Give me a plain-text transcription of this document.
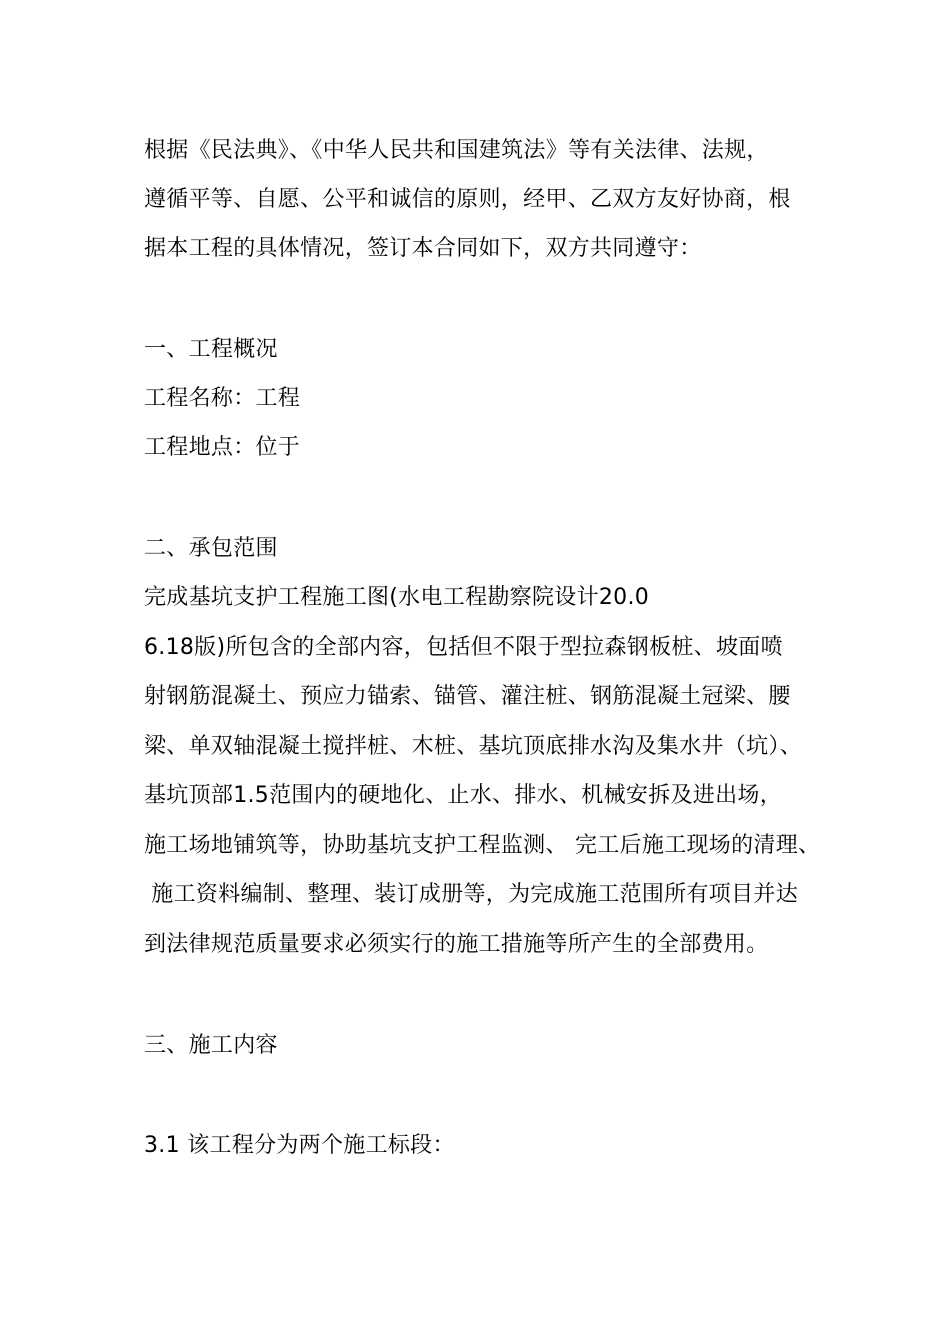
根据《民法典》、《中华人民共和国建筑法》等有关法律、法规，
遵循平等、自愿、公平和诚信的原则，经甲、乙双方友好协商，根
据本工程的具体情况，签订本合同如下，双方共同遵守：
一、工程概况
工程名称：工程
工程地点：位于
二、承包范围
完成基坑支护工程施工图(水电工程勘察院设计20.0
6.18版)所包含的全部内容，包括但不限于型拉森钢板桩、坡面喷
射钢筋混凝土、预应力锚索、锚管、灌注桩、钢筋混凝土冠梁、腰
梁、单双轴混凝土搅拌桩、木桩、基坑顶底排水沟及集水井（坑）、
基坑顶部1.5范围内的硬地化、止水、排水、机械安拆及进出场，
施工场地铺筑等，协助基坑支护工程监测、 完工后施工现场的清理、
施工资料编制、整理、装订成册等，为完成施工范围所有项目并达
到法律规范质量要求必须实行的施工措施等所产生的全部费用。
三、施工内容
3.1 该工程分为两个施工标段：
